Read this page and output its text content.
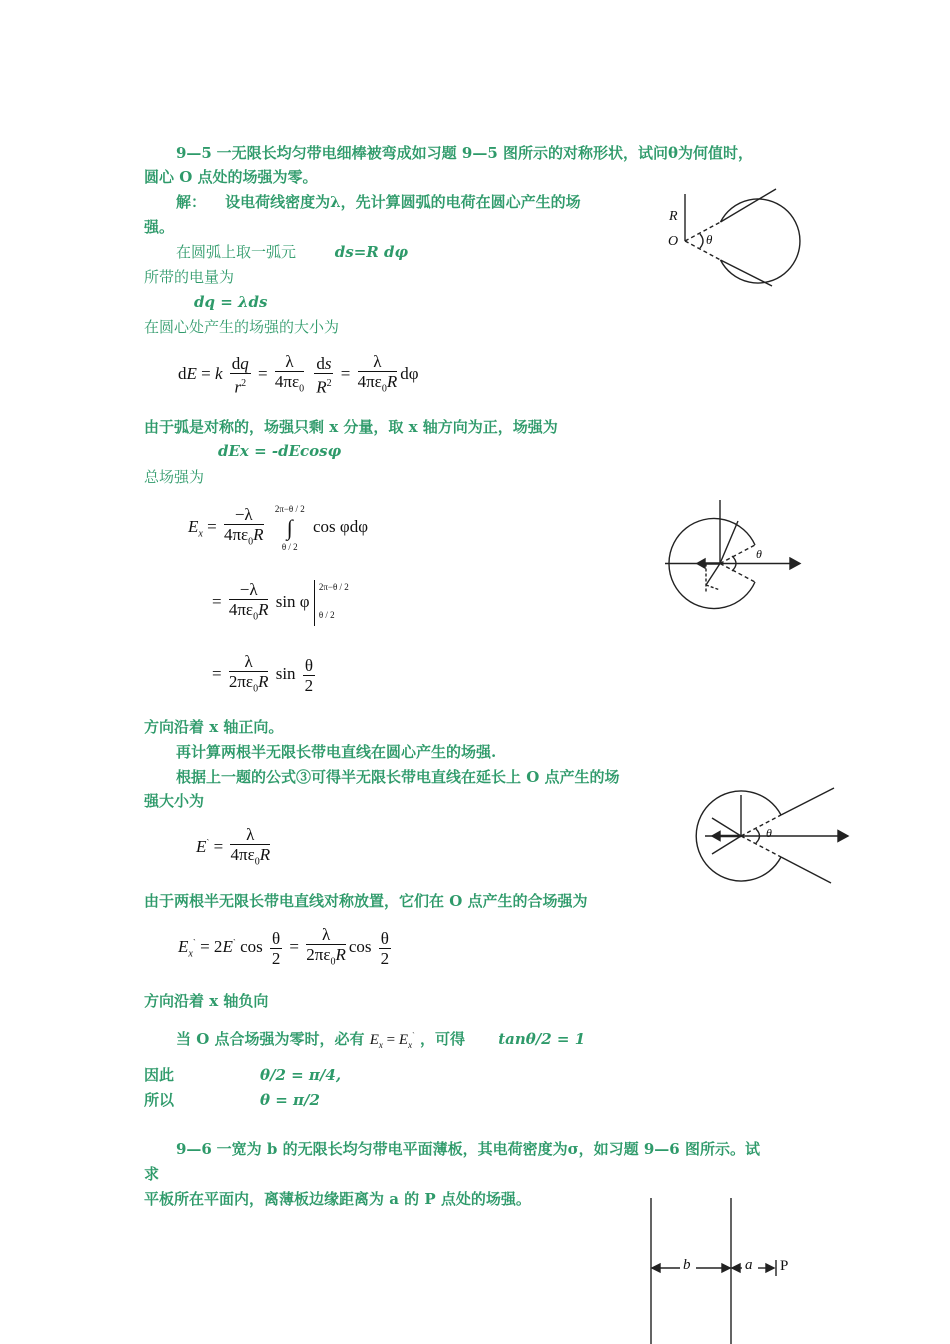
9—5 一无限长均匀带电细棒被弯成如习题 9—5 图所示的对称形状，试问θ为何值时，
圆心 O 点处的场强为零。
解： 设电荷线密度为λ，先计算圆弧的电荷在圆心产生的场
强。
在圆弧上取一弧元	ds=R dφ
所带的电量为
dq = λds
在圆心处产生的场强的大小为
dE = k $\frac{dq}{r^2} = \frac{\lambda}{4\pi\varepsilon_0}$
$\frac{ds}{R^2} = \frac{\lambda}{4\pi\varepsilon_0R}$ dφ
由于弧是对称的，场强只剩 x 分量，取 x 轴方向为正，场强为
dEx = -dEcosφ
总场强为
$E_x = \frac{-\lambda}{4\pi\varepsilon_0R}$
2π−θ / 2
∫
θ / 2
cos φdφ
= $\frac{-\lambda}{4\pi\varepsilon_0R}$ sin φ
2π−θ / 2

θ / 2
= $\frac{\lambda}{2\pi\varepsilon_0R}$ $\sin \frac{\theta}{2}$
方向沿着 x 轴正向。
再计算两根半无限长带电直线在圆心产生的场强.
根据上一题的公式③可得半无限长带电直线在延长上 O 点产生的场
强大小为
$E^` = \frac{\lambda}{4\pi\varepsilon_0R}$
由于两根半无限长带电直线对称放置，它们在 O 点产生的合场强为
$E_x^` = 2E^`$ $\cos \frac{\theta}{2} = \frac{\lambda}{2\pi\varepsilon_0R}$ $\cos \frac{\theta}{2}$
方向沿着 x 轴负向
当 O 点合场强为零时，必有 $E_x = E_x^`$ ，可得 tanθ/2 = 1
因此	θ/2 = π/4,
所以	θ = π/2
9—6 一宽为 b 的无限长均匀带电平面薄板，其电荷密度为σ，如习题 9—6 图所示。试
求
平板所在平面内，离薄板边缘距离为 a 的 P 点处的场强。
R
O θ
θ
θ
b	a P
